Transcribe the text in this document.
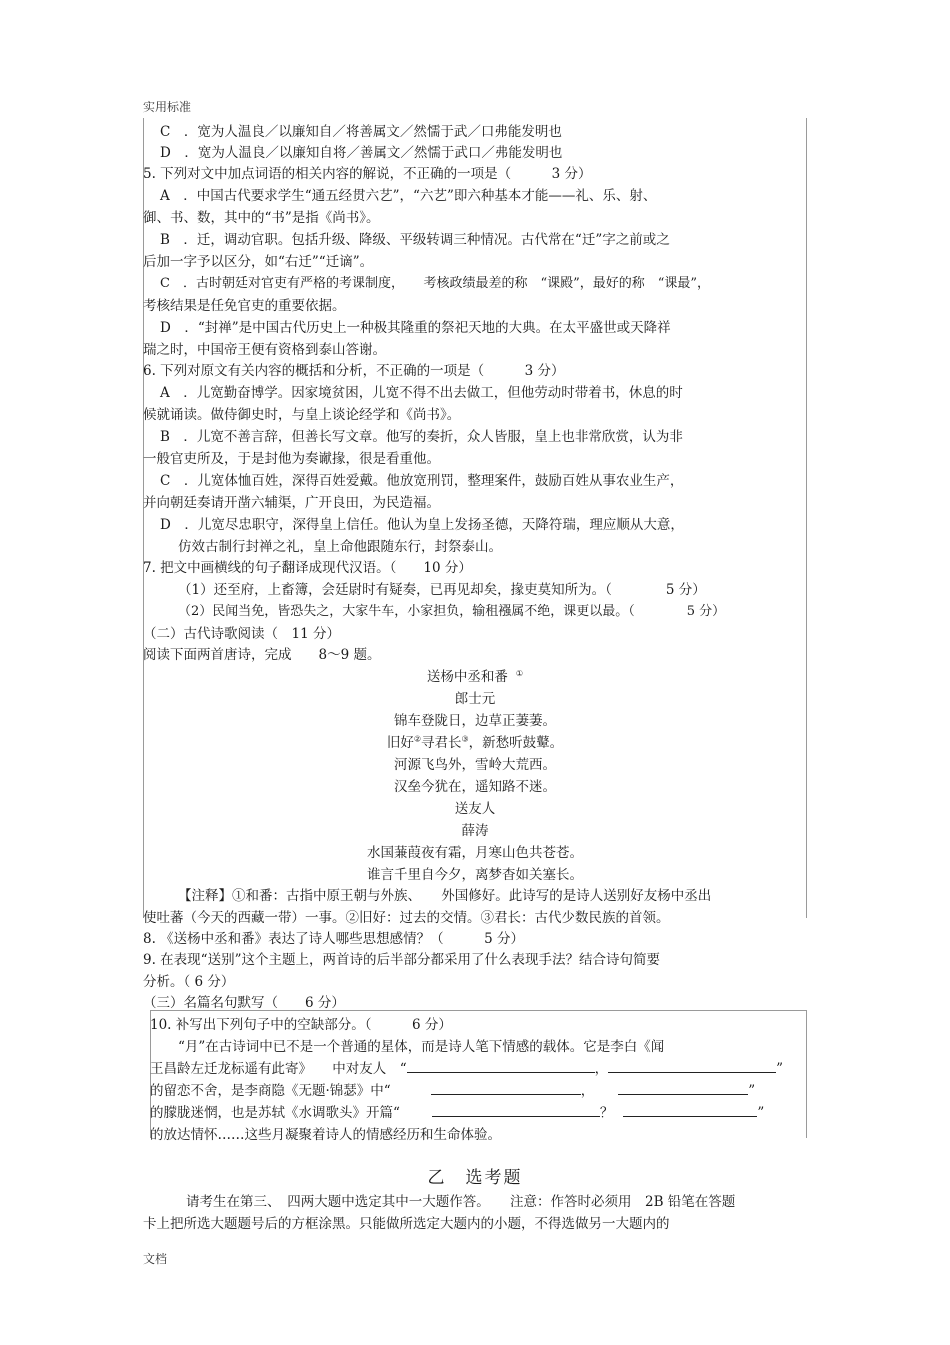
实用标准
C　．宽为人温良／以廉知自／将善属文／然懦于武／口弗能发明也
D　．宽为人温良／以廉知自将／善属文／然懦于武口／弗能发明也
5. 下列对文中加点词语的相关内容的解说，不正确的一项是（　　　3 分）
A　．中国古代要求学生“通五经贯六艺”，“六艺”即六种基本才能——礼、乐、射、
御、书、数，其中的“书”是指《尚书》。
B　．迁，调动官职。包括升级、降级、平级转调三种情况。古代常在“迁”字之前或之
后加一字予以区分，如“右迁”“迁谪”。
C　．古时朝廷对官吏有严格的考课制度，　　考核政绩最差的称　“课殿”，最好的称　“课最”，
考核结果是任免官吏的重要依据。
D　．“封禅”是中国古代历史上一种极其隆重的祭祀天地的大典。在太平盛世或天降祥
瑞之时，中国帝王便有资格到泰山答谢。
6. 下列对原文有关内容的概括和分析，不正确的一项是（　　　3 分）
A　．儿宽勤奋博学。因家境贫困，儿宽不得不出去做工，但他劳动时带着书，休息的时
候就诵读。做侍御史时，与皇上谈论经学和《尚书》。
B　．儿宽不善言辞，但善长写文章。他写的奏折，众人皆服，皇上也非常欣赏，认为非
一般官吏所及，于是封他为奏谳掾，很是看重他。
C　．儿宽体恤百姓，深得百姓爱戴。他放宽刑罚，整理案件，鼓励百姓从事农业生产，
并向朝廷奏请开凿六辅渠，广开良田，为民造福。
D　．儿宽尽忠职守，深得皇上信任。他认为皇上发扬圣德，天降符瑞，理应顺从大意，
仿效古制行封禅之礼，皇上命他跟随东行，封祭泰山。
7. 把文中画横线的句子翻译成现代汉语。（　　10 分）
（1）还至府，上畜簿，会廷尉时有疑奏，已再见却矣，掾吏莫知所为。（　　　　5 分）
（2）民闻当免，皆恐失之，大家牛车，小家担负，输租襁属不绝，课更以最。（　　　　5 分）
（二）古代诗歌阅读（　11 分）
阅读下面两首唐诗，完成　　8～9 题。
送杨中丞和番 ①
郎士元
锦车登陇日，边草正萋萋。
旧好②寻君长③，新愁听鼓鼙。
河源飞鸟外，雪岭大荒西。
汉垒今犹在，遥知路不迷。
送友人
薛涛
水国蒹葭夜有霜，月寒山色共苍苍。
谁言千里自今夕，离梦杳如关塞长。
【注释】①和番：古指中原王朝与外族、　　外国修好。此诗写的是诗人送别好友杨中丞出
使吐蕃（今天的西藏一带）一事。②旧好：过去的交情。③君长：古代少数民族的首领。
8. 《送杨中丞和番》表达了诗人哪些思想感情？（　　　5 分）
9. 在表现“送别”这个主题上，两首诗的后半部分都采用了什么表现手法？结合诗句简要
分析。（ 6 分）
（三）名篇名句默写（　　6 分）
10. 补写出下列句子中的空缺部分。（　　　6 分）
“月”在古诗词中已不是一个普通的星体，而是诗人笔下情感的载体。它是李白《闻
王昌龄左迁龙标遥有此寄》　　中对友人　“	，	”
的留恋不舍，是李商隐《无题·锦瑟》中“	，	”
的朦胧迷惘，也是苏轼《水调歌头》开篇“	？	”
的放达情怀……这些月凝聚着诗人的情感经历和生命体验。
乙　选考题
请考生在第三、　四两大题中选定其中一大题作答。　　注意：作答时必须用　2B 铅笔在答题
卡上把所选大题题号后的方框涂黑。只能做所选定大题内的小题，不得选做另一大题内的
文档
